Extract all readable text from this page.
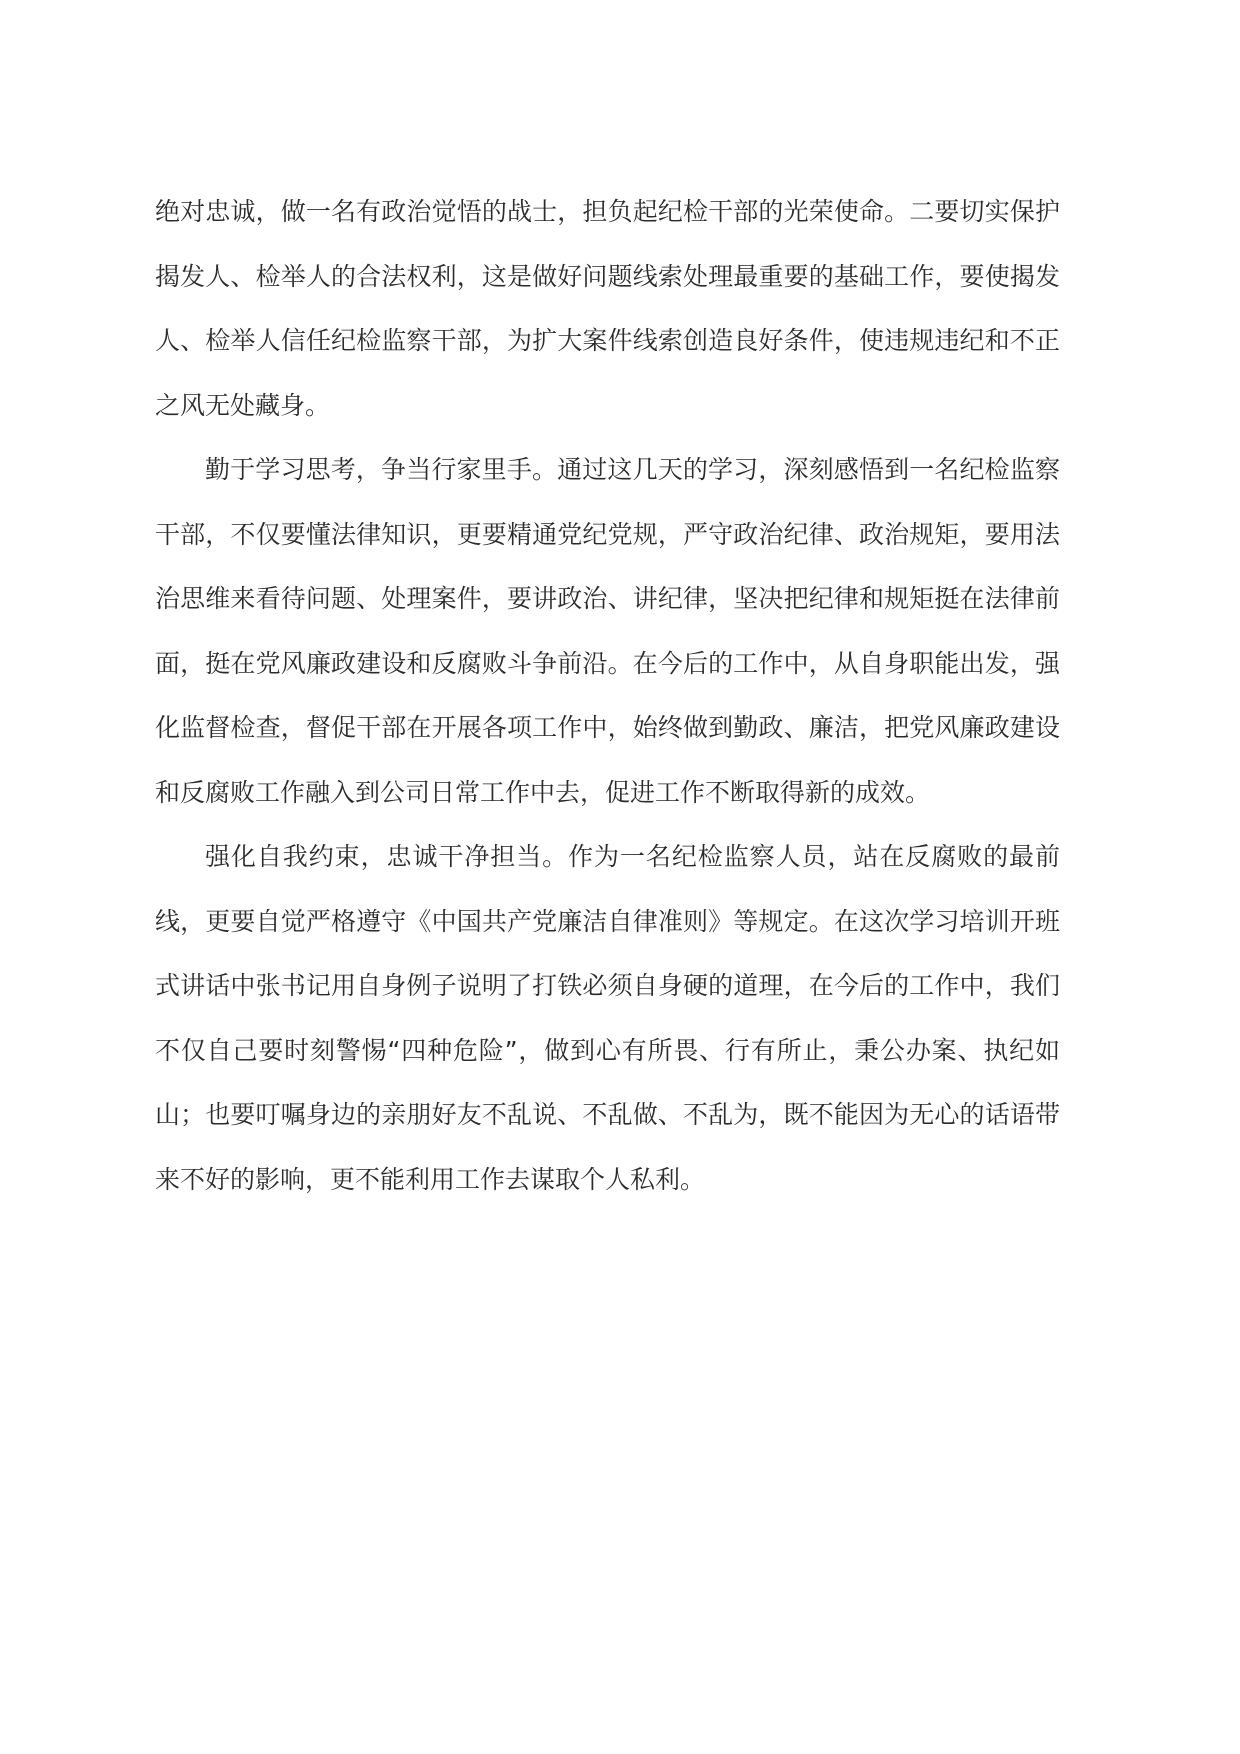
绝对忠诚，做一名有政治觉悟的战士，担负起纪检干部的光荣使命。二要切实保护揭发人、检举人的合法权利，这是做好问题线索处理最重要的基础工作，要使揭发人、检举人信任纪检监察干部，为扩大案件线索创造良好条件，使违规违纪和不正之风无处藏身。

勤于学习思考，争当行家里手。通过这几天的学习，深刻感悟到一名纪检监察干部，不仅要懂法律知识，更要精通党纪党规，严守政治纪律、政治规矩，要用法治思维来看待问题、处理案件，要讲政治、讲纪律，坚决把纪律和规矩挺在法律前面，挺在党风廉政建设和反腐败斗争前沿。在今后的工作中，从自身职能出发，强化监督检查，督促干部在开展各项工作中，始终做到勤政、廉洁，把党风廉政建设和反腐败工作融入到公司日常工作中去，促进工作不断取得新的成效。

强化自我约束，忠诚干净担当。作为一名纪检监察人员，站在反腐败的最前线，更要自觉严格遵守《中国共产党廉洁自律准则》等规定。在这次学习培训开班式讲话中张书记用自身例子说明了打铁必须自身硬的道理，在今后的工作中，我们不仅自己要时刻警惕“四种危险”，做到心有所畏、行有所止，秉公办案、执纪如山；也要叮嘱身边的亲朋好友不乱说、不乱做、不乱为，既不能因为无心的话语带来不好的影响，更不能利用工作去谋取个人私利。
